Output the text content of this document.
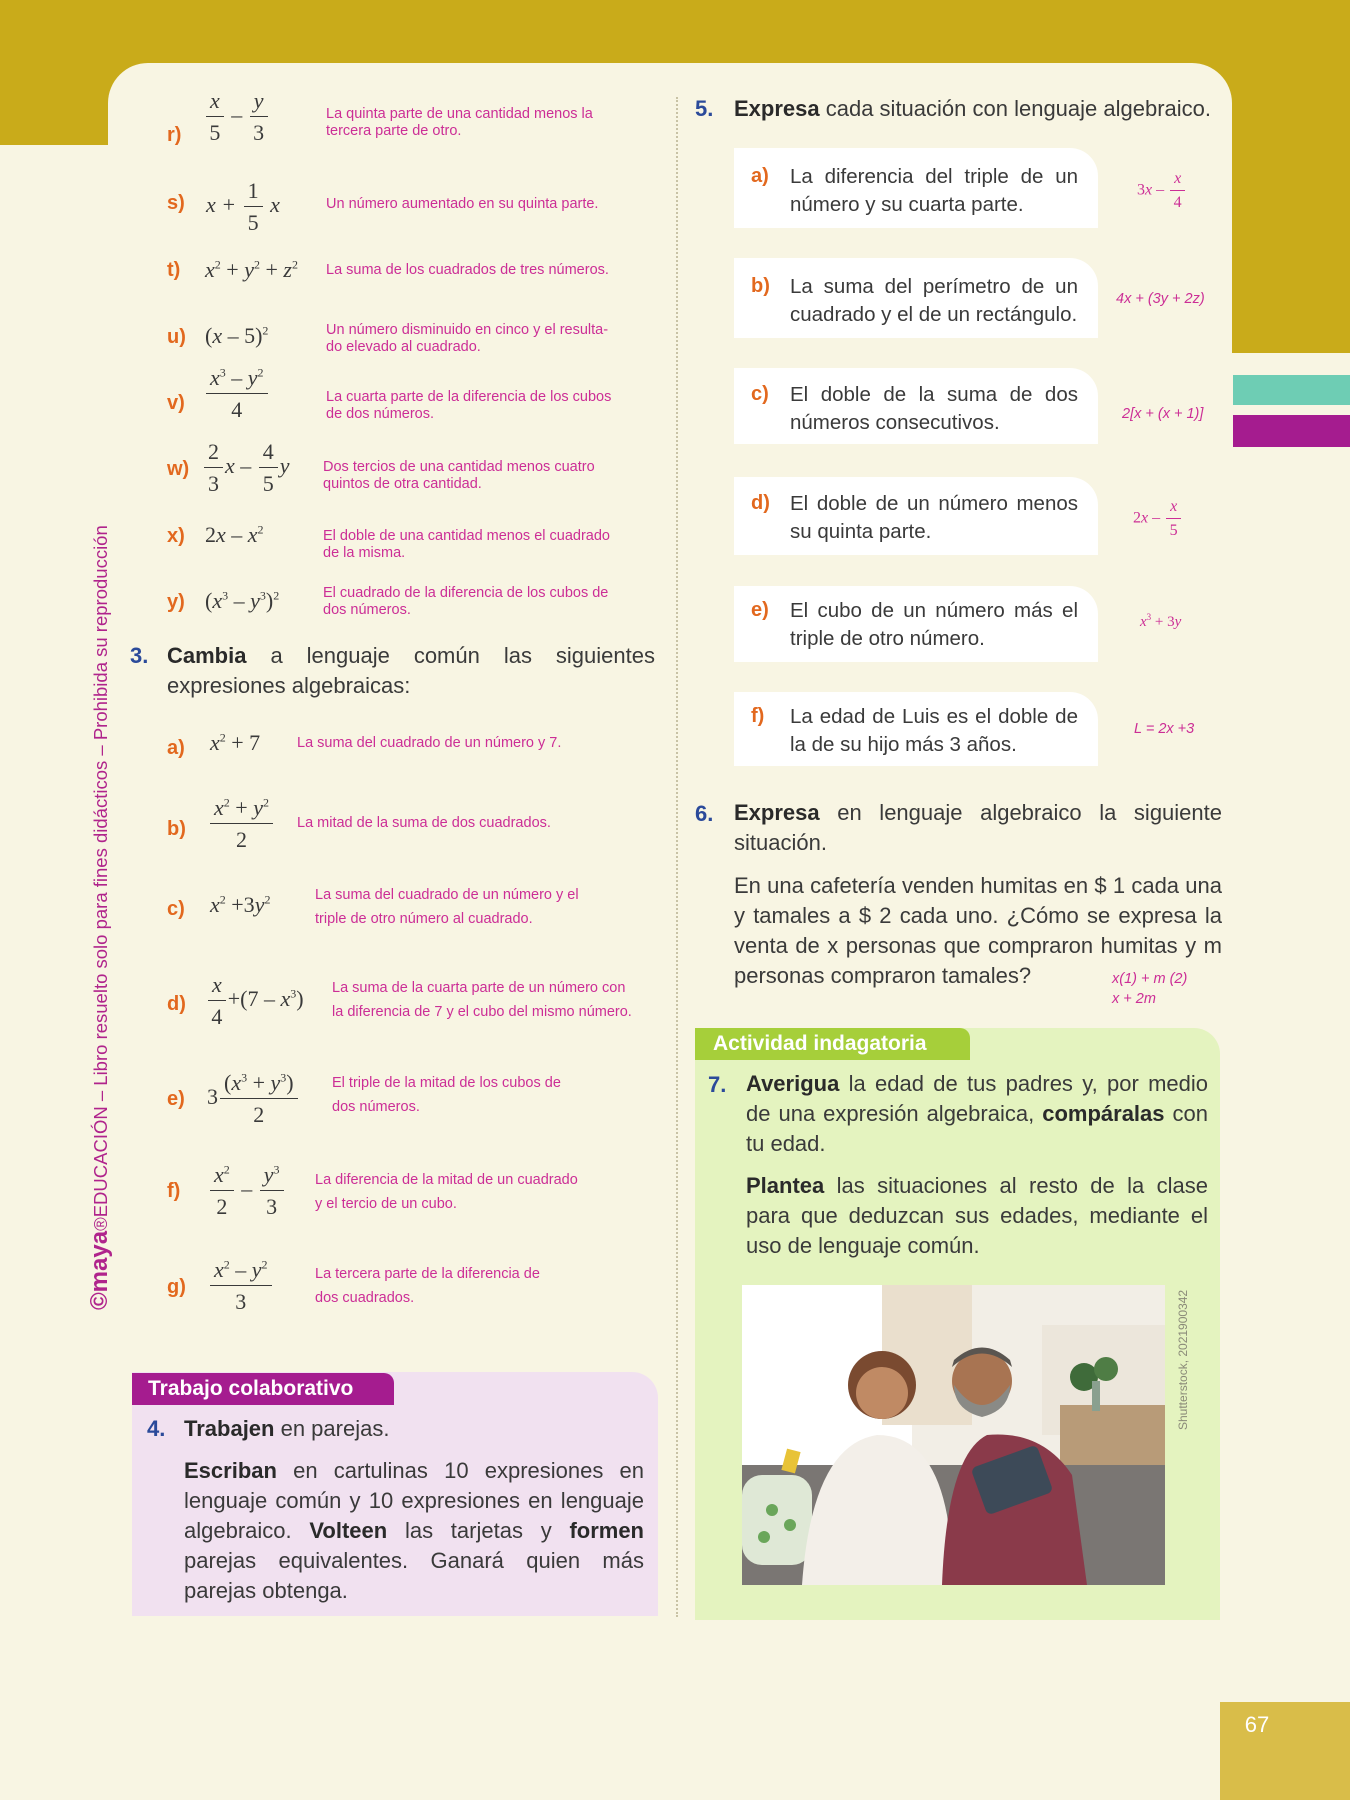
67
©maya®EDUCACIÓN – Libro resuelto solo para fines didácticos – Prohibida su reproducción
$r) \frac{x}{5} - \frac{y}{3}$	La quinta parte de una cantidad menos la tercera parte de otro.
s) $x + \frac{1}{5}$ x	Un número aumentado en su quinta parte.
t) $x^2 + y^2 + z^2$ La suma de los cuadrados de tres números.
u) (x – 5)$^2$	Un número disminuido en cinco y el resulta-do elevado al cuadrado.
$v) \frac{x^3 - y^2}{4}$	La cuarta parte de la diferencia de los cubos de dos números.
$w) \frac{2}{3}$ x – $\frac{4}{5}$ y Dos tercios de una cantidad menos cuatro quintos de otra cantidad.
x) $2x - x^2$	El doble de una cantidad menos el cuadrado de la misma.
y) $(x^3 - y^3)^2$	El cuadrado de la diferencia de los cubos de dos números.
3. Cambia a lenguaje común las siguientes expresiones algebraicas:
a) $x^2 + 7$	La suma del cuadrado de un número y 7.
$b) \frac{x^2 + y^2}{2}$ La mitad de la suma de dos cuadrados.
c) $x^2 +3y^2$	La suma del cuadrado de un número y el
triple de otro número al cuadrado.
$d) \frac{x}{4} +(7 - x^3)$ La suma de la cuarta parte de un número con
la diferencia de 7 y el cubo del mismo número.
e) $3 \frac{(x^3 + y^3)}{2}$ El triple de la mitad de los cubos de
dos números.
$f) \frac{x^2}{2} - \frac{y^3}{3}$ La diferencia de la mitad de un cuadrado
y el tercio de un cubo.
$g) \frac{x^2 - y^2}{3}$	La tercera parte de la diferencia de
dos cuadrados.
Trabajo colaborativo
4. Trabajen en parejas.
Escriban en cartulinas 10 expresiones en lenguaje común y 10 expresiones en lenguaje algebraico. Volteen las tarjetas y formen parejas equivalentes. Ganará quien más parejas obtenga.
5. Expresa cada situación con lenguaje algebraico.
a) La diferencia del triple de un número y su cuarta parte.
$3x - \frac{x}{4}$
b) La suma del perímetro de un cuadrado y el de un rectángulo.
4x + (3y + 2z)
c) El doble de la suma de dos números consecutivos.	2[x + (x + 1)]
d) El doble de un número menos su quinta parte.
$2x - \frac{x}{5}$
e) El cubo de un número más el triple de otro número.
$x^3 + 3y$
f) La edad de Luis es el doble de la de su hijo más 3 años.
L = 2x +3
6. Expresa en lenguaje algebraico la siguiente situación.
En una cafetería venden humitas en $ 1 cada una y tamales a $ 2 cada uno. ¿Cómo se expresa la venta de x personas que compraron humitas y m personas compraron tamales?	x(1) + m (2)
x + 2m
Actividad indagatoria
7. Averigua la edad de tus padres y, por medio de una expresión algebraica, compáralas con tu edad.
Plantea las situaciones al resto de la clase para que deduzcan sus edades, mediante el uso de lenguaje común.
Shutterstock, 2021900342
